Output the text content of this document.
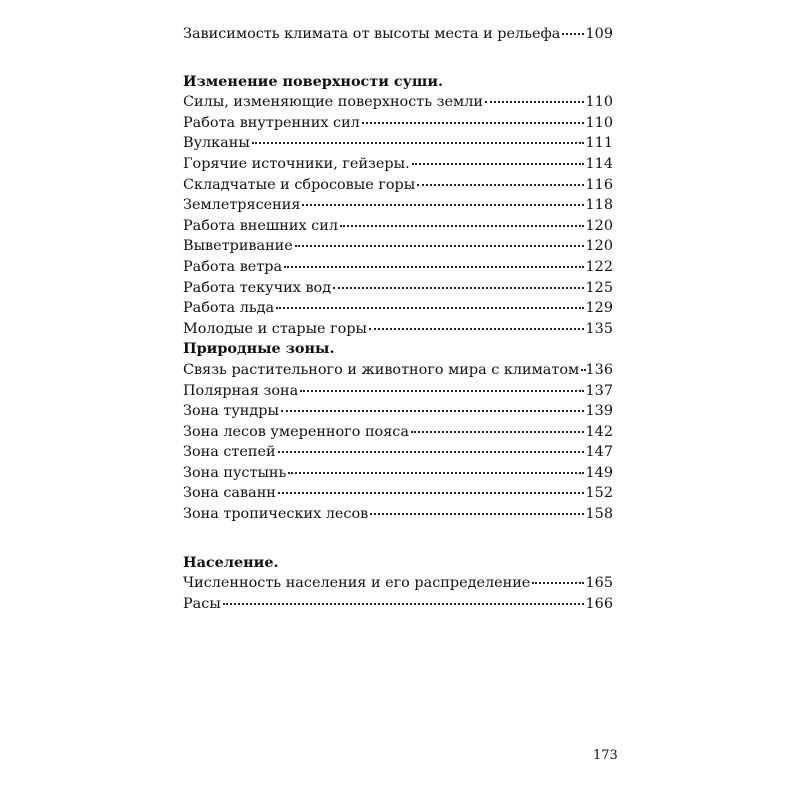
Зависимость климата от высоты места и рельефа 109
Изменение поверхности суши.
Силы, изменяющие поверхность земли	110
Работа внутренних сил	110
Вулканы	111
Горячие источники, гейзеры.	114
Складчатые и сбросовые горы	116
Землетрясения	118
Работа внешних сил	120
Выветривание	120
Работа ветра	122
Работа текучих вод	125
Работа льда	129
Молодые и старые горы	135
Природные зоны.
Связь растительного и животного мира с климатом 136
Полярная зона	137
Зона тундры	139
Зона лесов умеренного пояса	142
Зона степей	147
Зона пустынь	149
Зона саванн	152
Зона тропических лесов	158
Население.
Численность населения и его распределение	165
Расы	166
173
